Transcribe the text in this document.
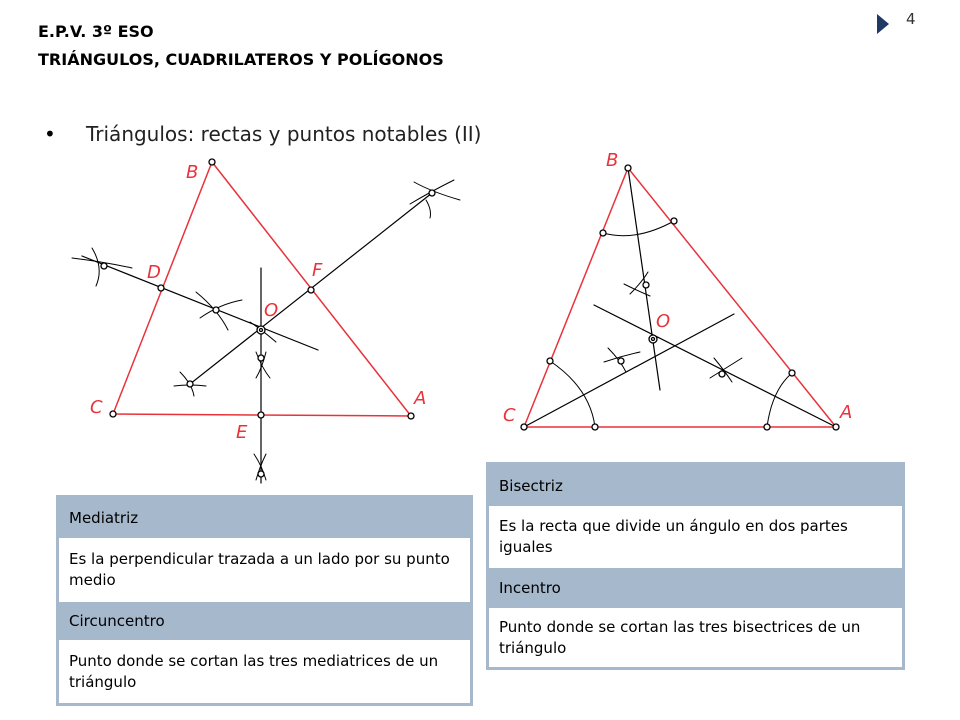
E.P.V. 3º ESO
TRIÁNGULOS, CUADRILATEROS Y POLÍGONOS
4
• Triángulos: rectas y puntos notables (II)
B
D	F
O
C	A
E
B
O
C	A
Mediatriz
Es la perpendicular trazada a un lado por su punto medio
Circuncentro
Punto donde se cortan las tres mediatrices de un triángulo
Bisectriz
Es la recta que divide un ángulo en dos partes iguales
Incentro
Punto donde se cortan las tres bisectrices de un triángulo
